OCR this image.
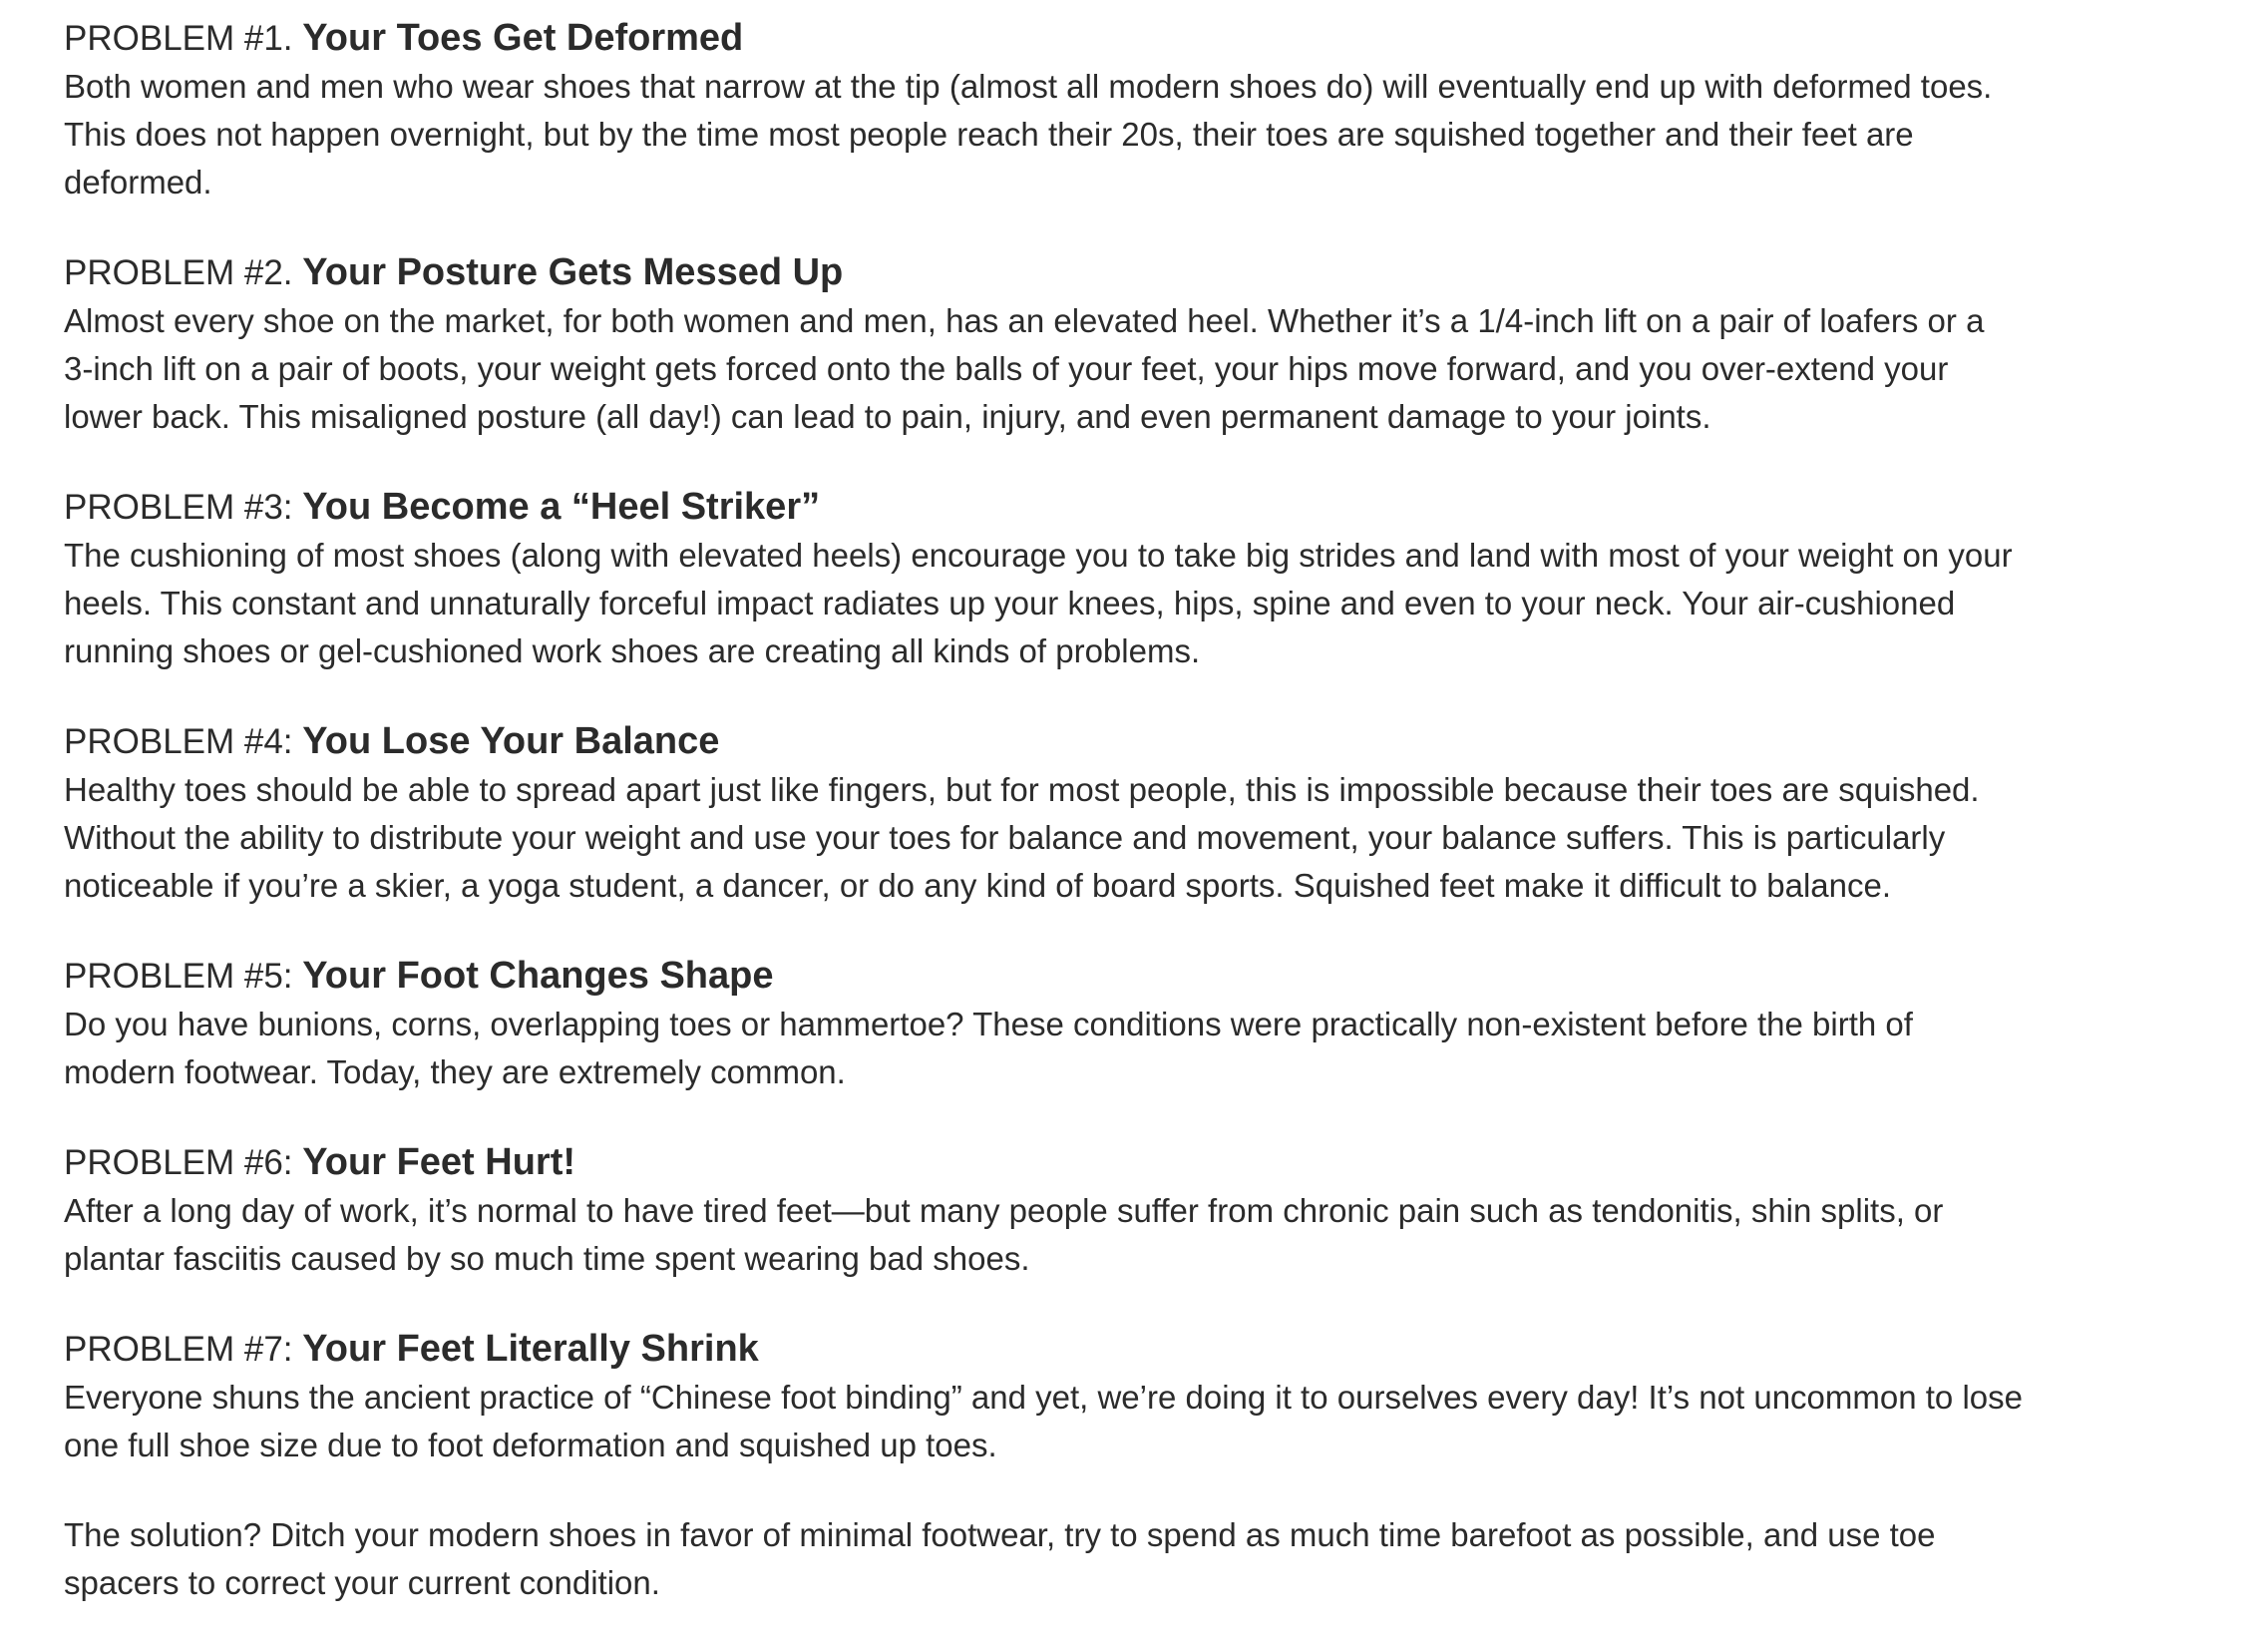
PROBLEM #1. Your Toes Get Deformed

Both women and men who wear shoes that narrow at the tip (almost all modern shoes do) will eventually end up with deformed toes.
This does not happen overnight, but by the time most people reach their 20s, their toes are squished together and their feet are
deformed.

PROBLEM #2. Your Posture Gets Messed Up

Almost every shoe on the market, for both women and men, has an elevated heel. Whether it’s a 1/4-inch lift on a pair of loafers or a
3-inch lift on a pair of boots, your weight gets forced onto the balls of your feet, your hips move forward, and you over-extend your
lower back. This misaligned posture (all day!) can lead to pain, injury, and even permanent damage to your joints.

PROBLEM #3: You Become a “Heel Striker”

The cushioning of most shoes (along with elevated heels) encourage you to take big strides and land with most of your weight on your
heels. This constant and unnaturally forceful impact radiates up your knees, hips, spine and even to your neck. Your air-cushioned
running shoes or gel-cushioned work shoes are creating all kinds of problems.

PROBLEM #4: You Lose Your Balance

Healthy toes should be able to spread apart just like fingers, but for most people, this is impossible because their toes are squished.
Without the ability to distribute your weight and use your toes for balance and movement, your balance suffers. This is particularly
noticeable if you’re a skier, a yoga student, a dancer, or do any kind of board sports. Squished feet make it difficult to balance.

PROBLEM #5: Your Foot Changes Shape

Do you have bunions, corns, overlapping toes or hammertoe? These conditions were practically non-existent before the birth of
modern footwear. Today, they are extremely common.

PROBLEM #6: Your Feet Hurt!

After a long day of work, it’s normal to have tired feet—but many people suffer from chronic pain such as tendonitis, shin splits, or
plantar fasciitis caused by so much time spent wearing bad shoes.

PROBLEM #7: Your Feet Literally Shrink

Everyone shuns the ancient practice of “Chinese foot binding” and yet, we’re doing it to ourselves every day! It’s not uncommon to lose
one full shoe size due to foot deformation and squished up toes.

The solution? Ditch your modern shoes in favor of minimal footwear, try to spend as much time barefoot as possible, and use toe
spacers to correct your current condition.
